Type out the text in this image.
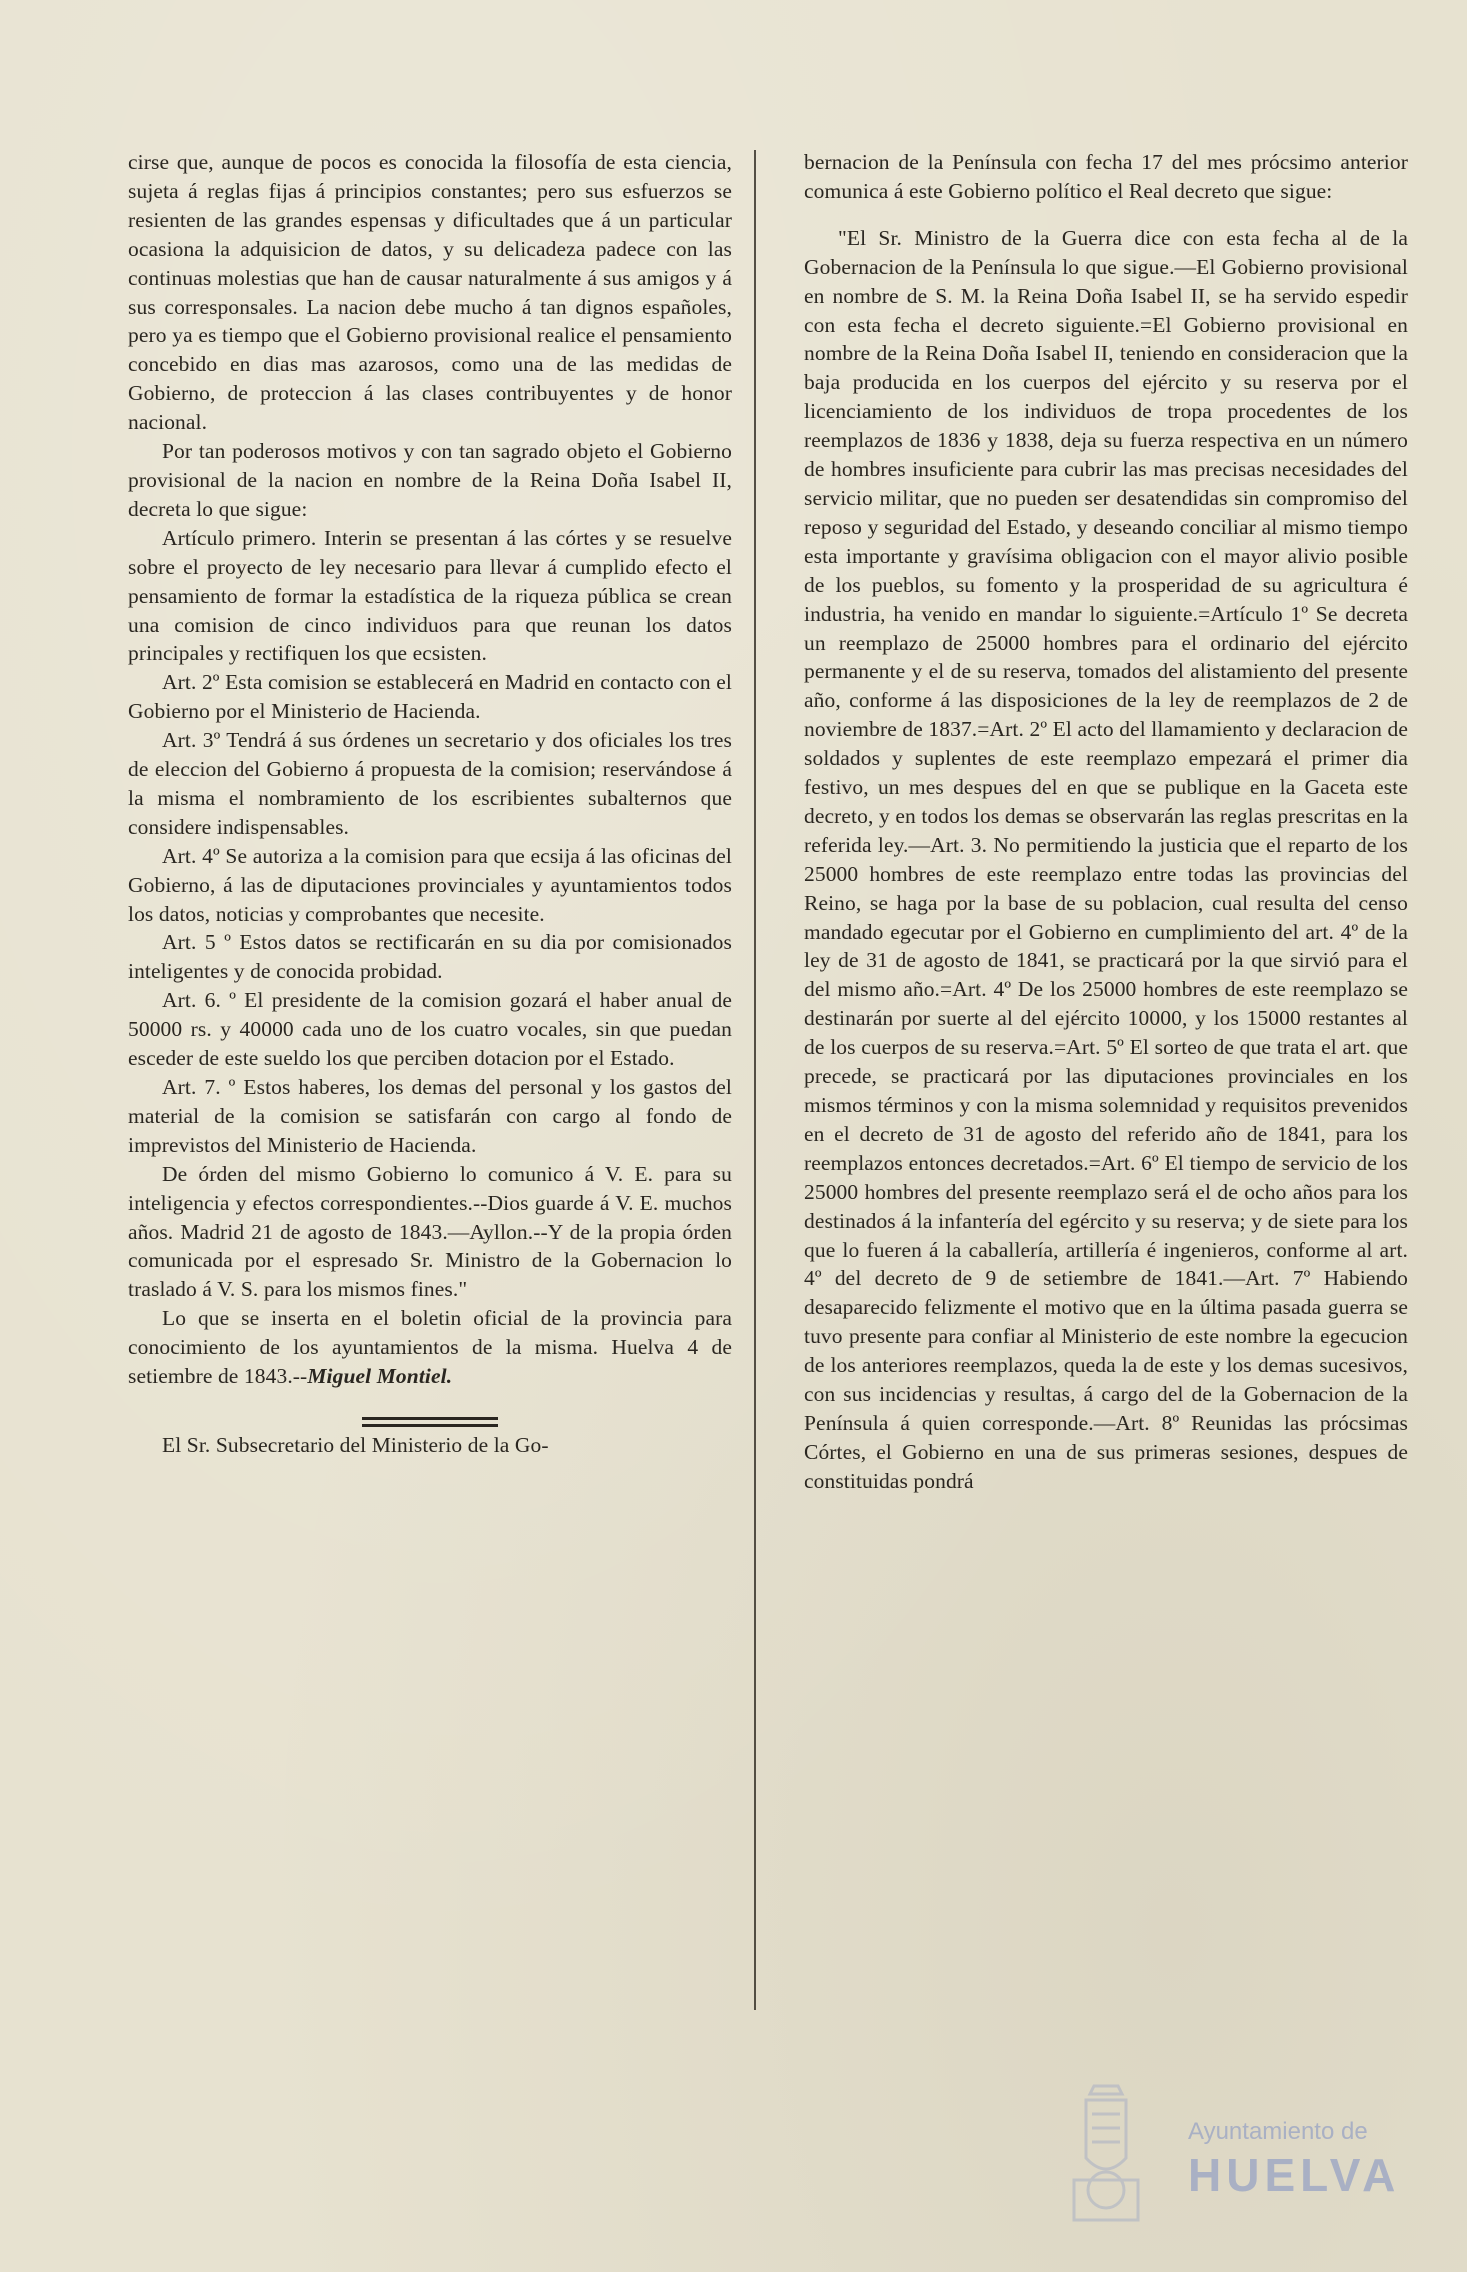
cirse que, aunque de pocos es conocida la filosofía de esta ciencia, sujeta á reglas fijas á principios constantes; pero sus esfuerzos se resienten de las grandes espensas y dificultades que á un particular ocasiona la adquisicion de datos, y su delicadeza padece con las continuas molestias que han de causar naturalmente á sus amigos y á sus corresponsales. La nacion debe mucho á tan dignos españoles, pero ya es tiempo que el Gobierno provisional realice el pensamiento concebido en dias mas azarosos, como una de las medidas de Gobierno, de proteccion á las clases contribuyentes y de honor nacional.

Por tan poderosos motivos y con tan sagrado objeto el Gobierno provisional de la nacion en nombre de la Reina Doña Isabel II, decreta lo que sigue:

Artículo primero. Interin se presentan á las córtes y se resuelve sobre el proyecto de ley necesario para llevar á cumplido efecto el pensamiento de formar la estadística de la riqueza pública se crean una comision de cinco individuos para que reunan los datos principales y rectifiquen los que ecsisten.

Art. 2º Esta comision se establecerá en Madrid en contacto con el Gobierno por el Ministerio de Hacienda.

Art. 3º Tendrá á sus órdenes un secretario y dos oficiales los tres de eleccion del Gobierno á propuesta de la comision; reservándose á la misma el nombramiento de los escribientes subalternos que considere indispensables.

Art. 4º Se autoriza a la comision para que ecsija á las oficinas del Gobierno, á las de diputaciones provinciales y ayuntamientos todos los datos, noticias y comprobantes que necesite.

Art. 5 º Estos datos se rectificarán en su dia por comisionados inteligentes y de conocida probidad.

Art. 6. º El presidente de la comision gozará el haber anual de 50000 rs. y 40000 cada uno de los cuatro vocales, sin que puedan esceder de este sueldo los que perciben dotacion por el Estado.

Art. 7. º Estos haberes, los demas del personal y los gastos del material de la comision se satisfarán con cargo al fondo de imprevistos del Ministerio de Hacienda.

De órden del mismo Gobierno lo comunico á V. E. para su inteligencia y efectos correspondientes.--Dios guarde á V. E. muchos años. Madrid 21 de agosto de 1843.—Ayllon.--Y de la propia órden comunicada por el espresado Sr. Ministro de la Gobernacion lo traslado á V. S. para los mismos fines."

Lo que se inserta en el boletin oficial de la provincia para conocimiento de los ayuntamientos de la misma. Huelva 4 de setiembre de 1843.--Miguel Montiel.

El Sr. Subsecretario del Ministerio de la Go-

bernacion de la Península con fecha 17 del mes prócsimo anterior comunica á este Gobierno político el Real decreto que sigue:

"El Sr. Ministro de la Guerra dice con esta fecha al de la Gobernacion de la Península lo que sigue.—El Gobierno provisional en nombre de S. M. la Reina Doña Isabel II, se ha servido espedir con esta fecha el decreto siguiente.=El Gobierno provisional en nombre de la Reina Doña Isabel II, teniendo en consideracion que la baja producida en los cuerpos del ejército y su reserva por el licenciamiento de los individuos de tropa procedentes de los reemplazos de 1836 y 1838, deja su fuerza respectiva en un número de hombres insuficiente para cubrir las mas precisas necesidades del servicio militar, que no pueden ser desatendidas sin compromiso del reposo y seguridad del Estado, y deseando conciliar al mismo tiempo esta importante y gravísima obligacion con el mayor alivio posible de los pueblos, su fomento y la prosperidad de su agricultura é industria, ha venido en mandar lo siguiente.=Artículo 1º Se decreta un reemplazo de 25000 hombres para el ordinario del ejército permanente y el de su reserva, tomados del alistamiento del presente año, conforme á las disposiciones de la ley de reemplazos de 2 de noviembre de 1837.=Art. 2º El acto del llamamiento y declaracion de soldados y suplentes de este reemplazo empezará el primer dia festivo, un mes despues del en que se publique en la Gaceta este decreto, y en todos los demas se observarán las reglas prescritas en la referida ley.—Art. 3. No permitiendo la justicia que el reparto de los 25000 hombres de este reemplazo entre todas las provincias del Reino, se haga por la base de su poblacion, cual resulta del censo mandado egecutar por el Gobierno en cumplimiento del art. 4º de la ley de 31 de agosto de 1841, se practicará por la que sirvió para el del mismo año.=Art. 4º De los 25000 hombres de este reemplazo se destinarán por suerte al del ejército 10000, y los 15000 restantes al de los cuerpos de su reserva.=Art. 5º El sorteo de que trata el art. que precede, se practicará por las diputaciones provinciales en los mismos términos y con la misma solemnidad y requisitos prevenidos en el decreto de 31 de agosto del referido año de 1841, para los reemplazos entonces decretados.=Art. 6º El tiempo de servicio de los 25000 hombres del presente reemplazo será el de ocho años para los destinados á la infantería del egército y su reserva; y de siete para los que lo fueren á la caballería, artillería é ingenieros, conforme al art. 4º del decreto de 9 de setiembre de 1841.—Art. 7º Habiendo desaparecido felizmente el motivo que en la última pasada guerra se tuvo presente para confiar al Ministerio de este nombre la egecucion de los anteriores reemplazos, queda la de este y los demas sucesivos, con sus incidencias y resultas, á cargo del de la Gobernacion de la Península á quien corresponde.—Art. 8º Reunidas las prócsimas Córtes, el Gobierno en una de sus primeras sesiones, despues de constituidas pondrá

Ayuntamiento de
HUELVA
